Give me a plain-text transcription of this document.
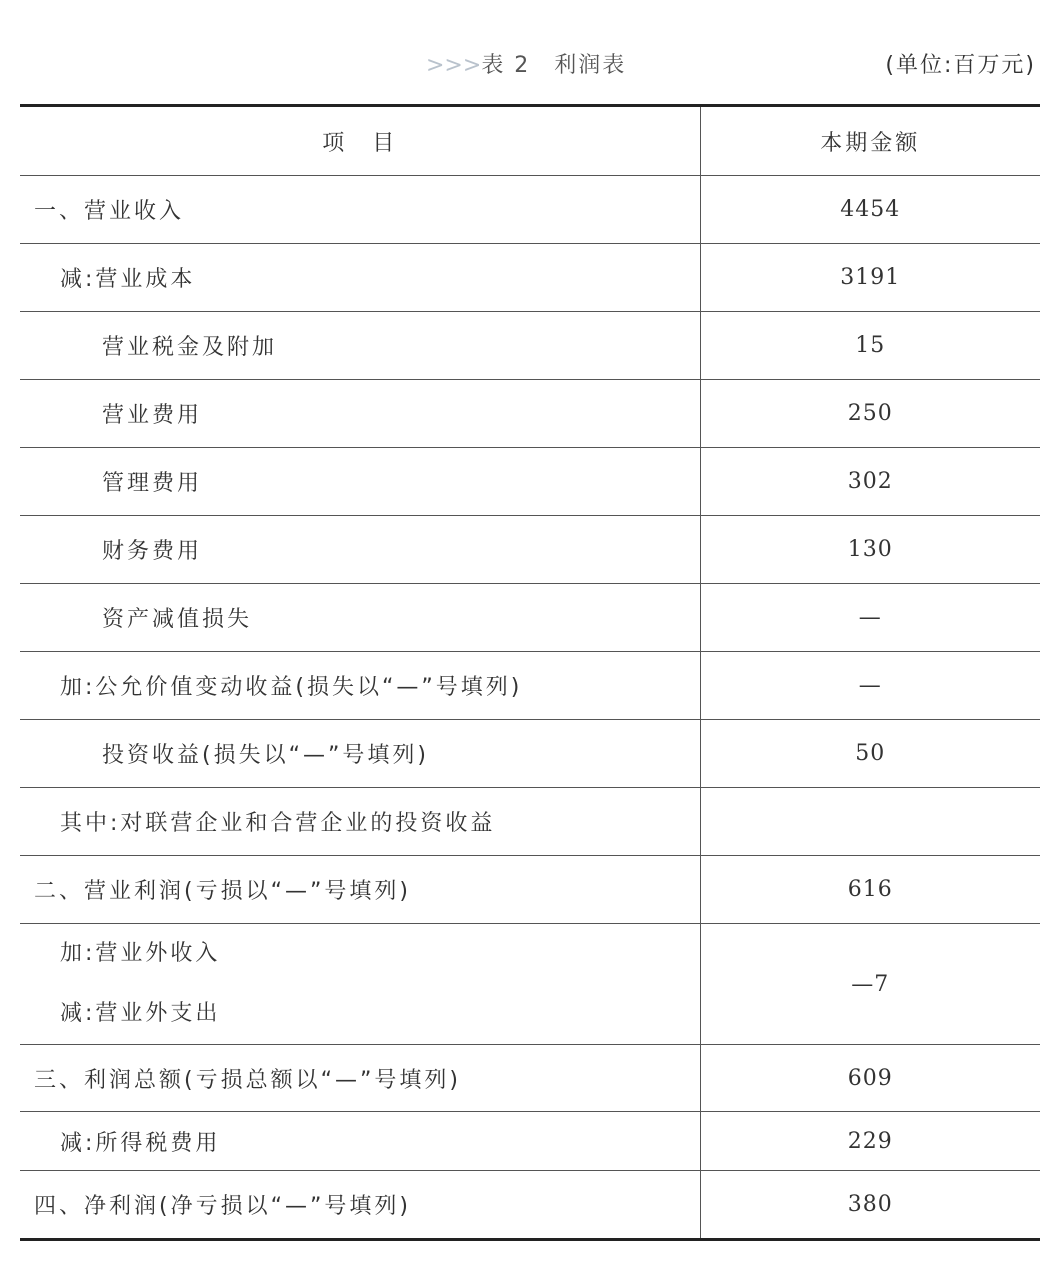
>>>表 2　利润表	(单位:百万元)
项　目	本期金额
一、营业收入	4454
减:营业成本	3191
营业税金及附加	15
营业费用	250
管理费用	302
财务费用	130
资产减值损失	—
加:公允价值变动收益(损失以“—”号填列)	—
投资收益(损失以“—”号填列)	50
其中:对联营企业和合营企业的投资收益	
二、营业利润(亏损以“—”号填列)	616

加:营业外收入
减:营业外支出	—7
三、利润总额(亏损总额以“—”号填列)	609
减:所得税费用	229
四、净利润(净亏损以“—”号填列)	380
